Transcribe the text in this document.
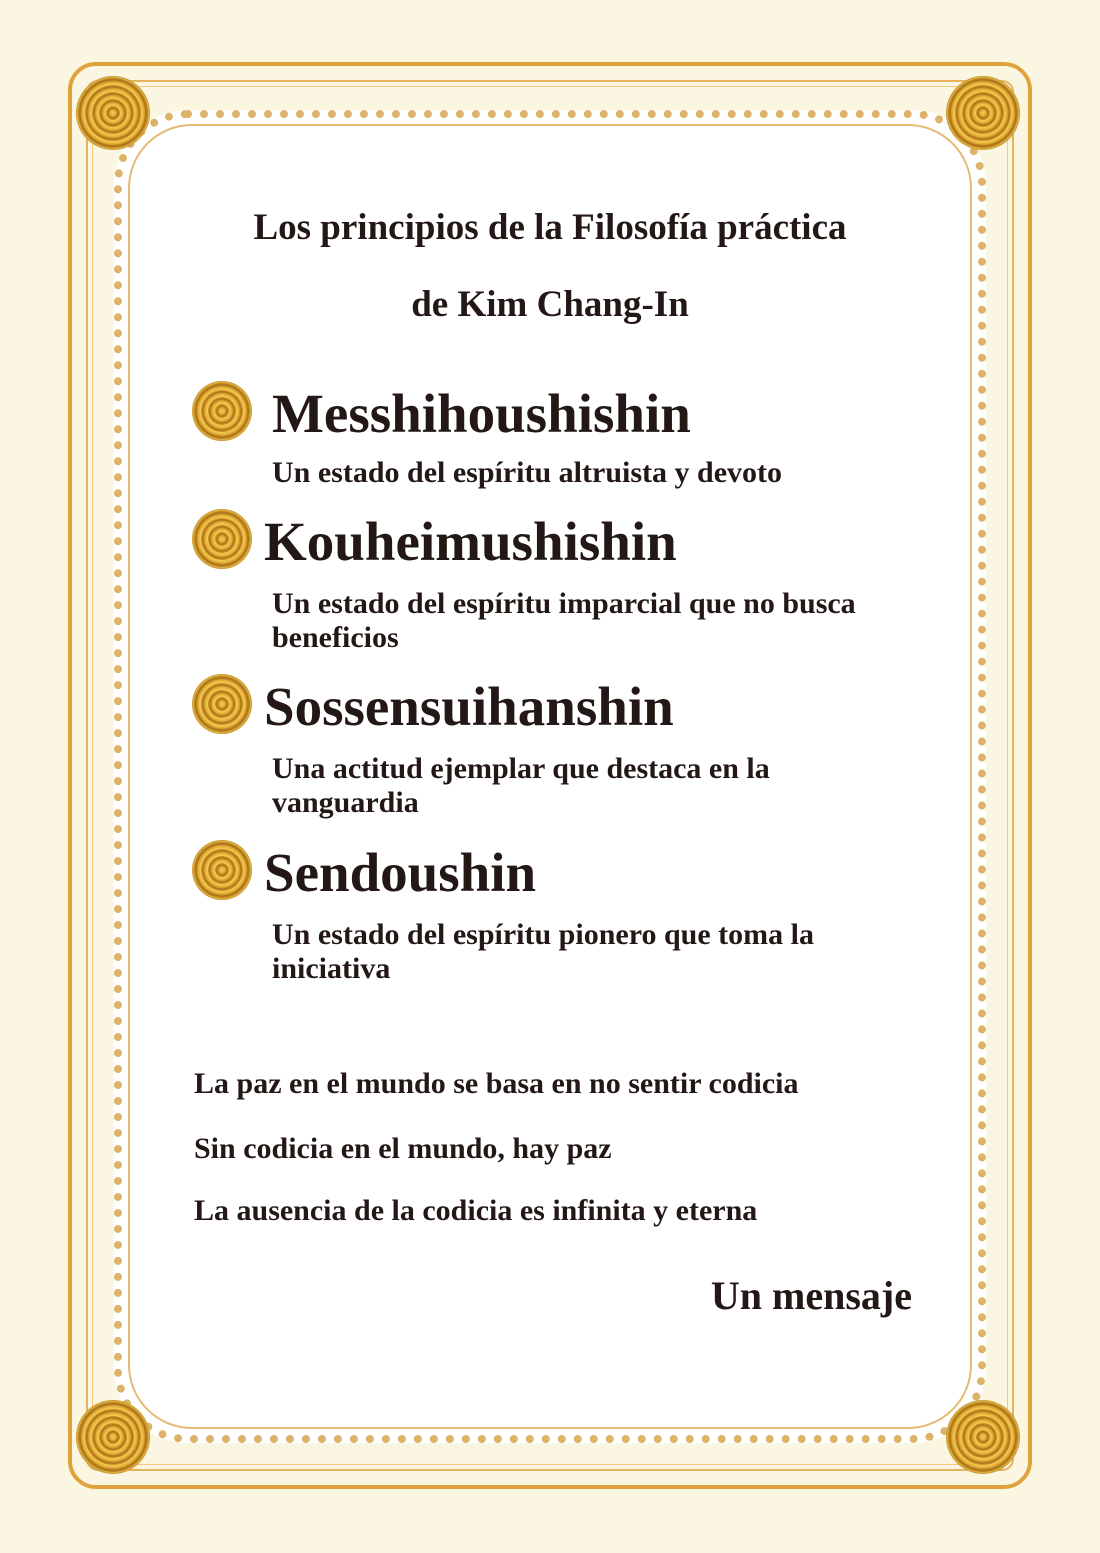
Los principios de la Filosofía práctica
de Kim Chang-In
Messhihoushishin
Un estado del espíritu altruista y devoto
Kouheimushishin
Un estado del espíritu imparcial que no busca beneficios
Sossensuihanshin
Una actitud ejemplar que destaca en la vanguardia
Sendoushin
Un estado del espíritu pionero que toma la iniciativa
La paz en el mundo se basa en no sentir codicia
Sin codicia en el mundo, hay paz
La ausencia de la codicia es infinita y eterna
Un mensaje
